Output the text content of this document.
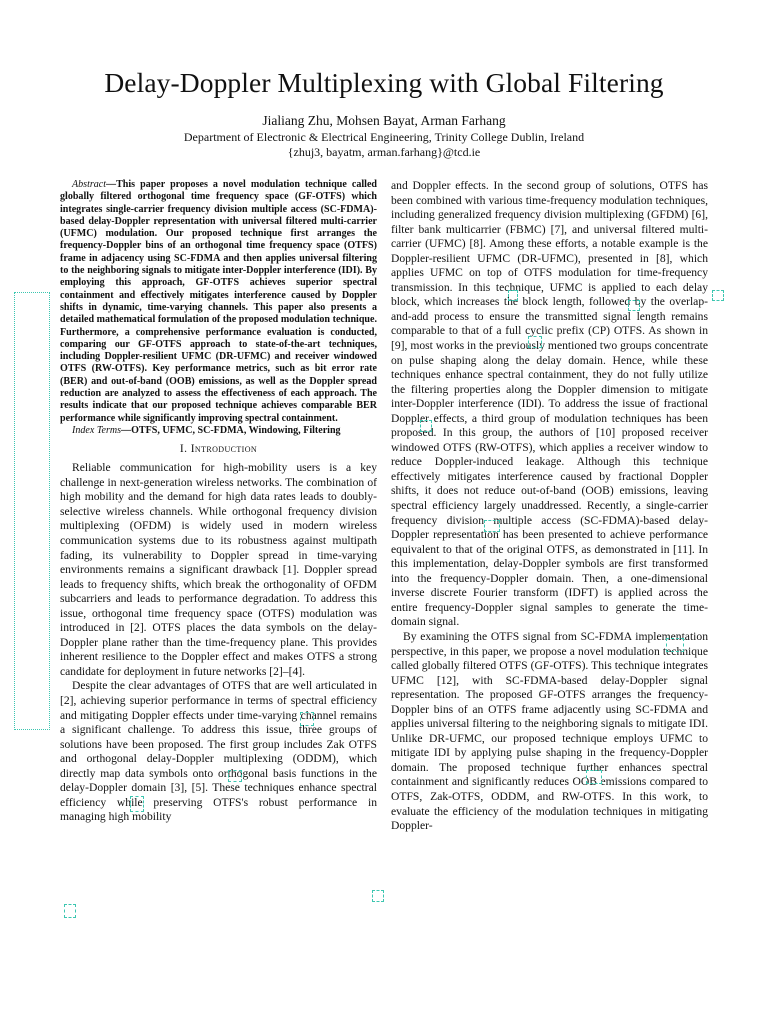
Delay-Doppler Multiplexing with Global Filtering
Jialiang Zhu, Mohsen Bayat, Arman Farhang
Department of Electronic & Electrical Engineering, Trinity College Dublin, Ireland
{zhuj3, bayatm, arman.farhang}@tcd.ie

Abstract—This paper proposes a novel modulation technique called globally filtered orthogonal time frequency space (GF-OTFS) which integrates single-carrier frequency division multiple access (SC-FDMA)-based delay-Doppler representation with universal filtered multi-carrier (UFMC) modulation. Our proposed technique first arranges the frequency-Doppler bins of an orthogonal time frequency space (OTFS) frame in adjacency using SC-FDMA and then applies universal filtering to the neighboring signals to mitigate inter-Doppler interference (IDI). By employing this approach, GF-OTFS achieves superior spectral containment and effectively mitigates interference caused by Doppler shifts in dynamic, time-varying channels. This paper also presents a detailed mathematical formulation of the proposed modulation technique. Furthermore, a comprehensive performance evaluation is conducted, comparing our GF-OTFS approach to state-of-the-art techniques, including Doppler-resilient UFMC (DR-UFMC) and receiver windowed OTFS (RW-OTFS). Key performance metrics, such as bit error rate (BER) and out-of-band (OOB) emissions, as well as the Doppler spread reduction are analyzed to assess the effectiveness of each approach. The results indicate that our proposed technique achieves comparable BER performance while significantly improving spectral containment.

Index Terms—OTFS, UFMC, SC-FDMA, Windowing, Filtering

I. Introduction

Reliable communication for high-mobility users is a key challenge in next-generation wireless networks. The combination of high mobility and the demand for high data rates leads to doubly-selective wireless channels. While orthogonal frequency division multiplexing (OFDM) is widely used in modern wireless communication systems due to its robustness against multipath fading, its vulnerability to Doppler spread in time-varying environments remains a significant drawback [1]. Doppler spread leads to frequency shifts, which break the orthogonality of OFDM subcarriers and leads to performance degradation. To address this issue, orthogonal time frequency space (OTFS) modulation was introduced in [2]. OTFS places the data symbols on the delay-Doppler plane rather than the time-frequency plane. This provides inherent resilience to the Doppler effect and makes OTFS a strong candidate for deployment in future networks [2]–[4].

Despite the clear advantages of OTFS that are well articulated in [2], achieving superior performance in terms of spectral efficiency and mitigating Doppler effects under time-varying channel remains a significant challenge. To address this issue, three groups of solutions have been proposed. The first group includes Zak OTFS and orthogonal delay-Doppler multiplexing (ODDM), which directly map data symbols onto orthogonal basis functions in the delay-Doppler domain [3], [5]. These techniques enhance spectral efficiency while preserving OTFS's robust performance in managing high mobility

and Doppler effects. In the second group of solutions, OTFS has been combined with various time-frequency modulation techniques, including generalized frequency division multiplexing (GFDM) [6], filter bank multicarrier (FBMC) [7], and universal filtered multi-carrier (UFMC) [8]. Among these efforts, a notable example is the Doppler-resilient UFMC (DR-UFMC), presented in [8], which applies UFMC on top of OTFS modulation for time-frequency transmission. In this technique, UFMC is applied to each delay block, which increases the block length, followed by the overlap-and-add process to ensure the transmitted signal length remains comparable to that of a full cyclic prefix (CP) OTFS. As shown in [9], most works in the previously mentioned two groups concentrate on pulse shaping along the delay domain. Hence, while these techniques enhance spectral containment, they do not fully utilize the filtering properties along the Doppler dimension to mitigate inter-Doppler interference (IDI). To address the issue of fractional Doppler effects, a third group of modulation techniques has been proposed. In this group, the authors of [10] proposed receiver windowed OTFS (RW-OTFS), which applies a receiver window to reduce Doppler-induced leakage. Although this technique effectively mitigates interference caused by fractional Doppler shifts, it does not reduce out-of-band (OOB) emissions, leaving spectral efficiency largely unaddressed. Recently, a single-carrier frequency division multiple access (SC-FDMA)-based delay-Doppler representation has been presented to achieve performance equivalent to that of the original OTFS, as demonstrated in [11]. In this implementation, delay-Doppler symbols are first transformed into the frequency-Doppler domain. Then, a one-dimensional inverse discrete Fourier transform (IDFT) is applied across the entire frequency-Doppler signal samples to generate the time-domain signal.

By examining the OTFS signal from SC-FDMA implementation perspective, in this paper, we propose a novel modulation technique called globally filtered OTFS (GF-OTFS). This technique integrates UFMC [12], with SC-FDMA-based delay-Doppler signal representation. The proposed GF-OTFS arranges the frequency-Doppler bins of an OTFS frame adjacently using SC-FDMA and applies universal filtering to the neighboring signals to mitigate IDI. Unlike DR-UFMC, our proposed technique employs UFMC to mitigate IDI by applying pulse shaping in the frequency-Doppler domain. The proposed technique further enhances spectral containment and significantly reduces OOB emissions compared to OTFS, Zak-OTFS, ODDM, and RW-OTFS. In this work, to evaluate the efficiency of the modulation techniques in mitigating Doppler-
